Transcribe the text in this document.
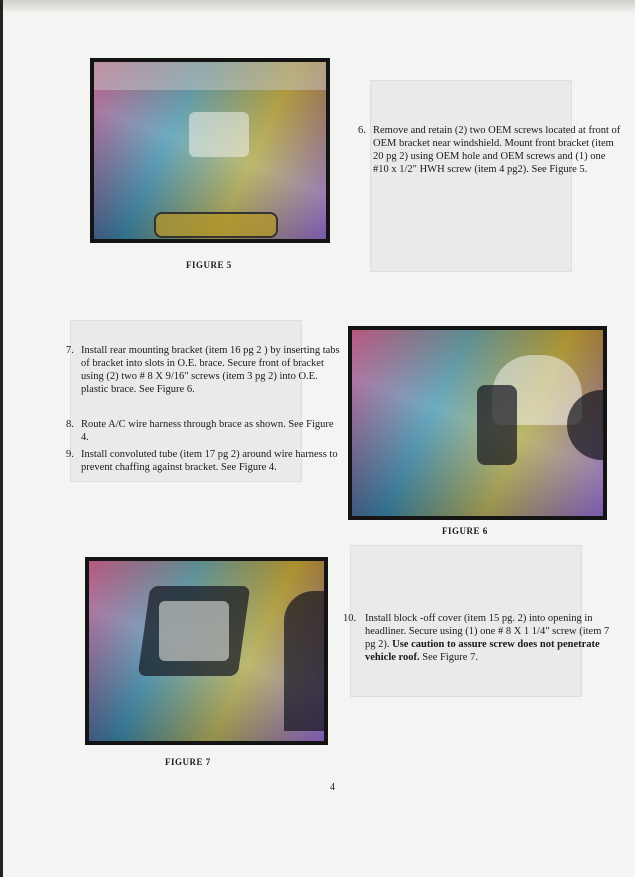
FIGURE 5
6. Remove and retain (2) two OEM screws located at front of OEM bracket near windshield. Mount front bracket (item 20 pg 2) using OEM hole and OEM screws and (1) one #10 x 1/2" HWH screw (item 4 pg2). See Figure 5.
7. Install rear mounting bracket (item 16 pg 2 ) by inserting tabs of bracket into slots in O.E. brace. Secure front of bracket using (2) two # 8 X 9/16" screws (item 3 pg 2) into O.E. plastic brace. See Figure 6.
8. Route A/C wire harness through brace as shown. See Figure 4.
9. Install convoluted tube (item 17 pg 2) around wire harness to prevent chaffing against bracket. See Figure 4.
FIGURE 6
FIGURE 7
10. Install block -off cover (item 15 pg. 2) into opening in headliner. Secure using (1) one # 8 X 1 1/4" screw (item 7 pg 2). Use caution to assure screw does not penetrate vehicle roof. See Figure 7.
4
